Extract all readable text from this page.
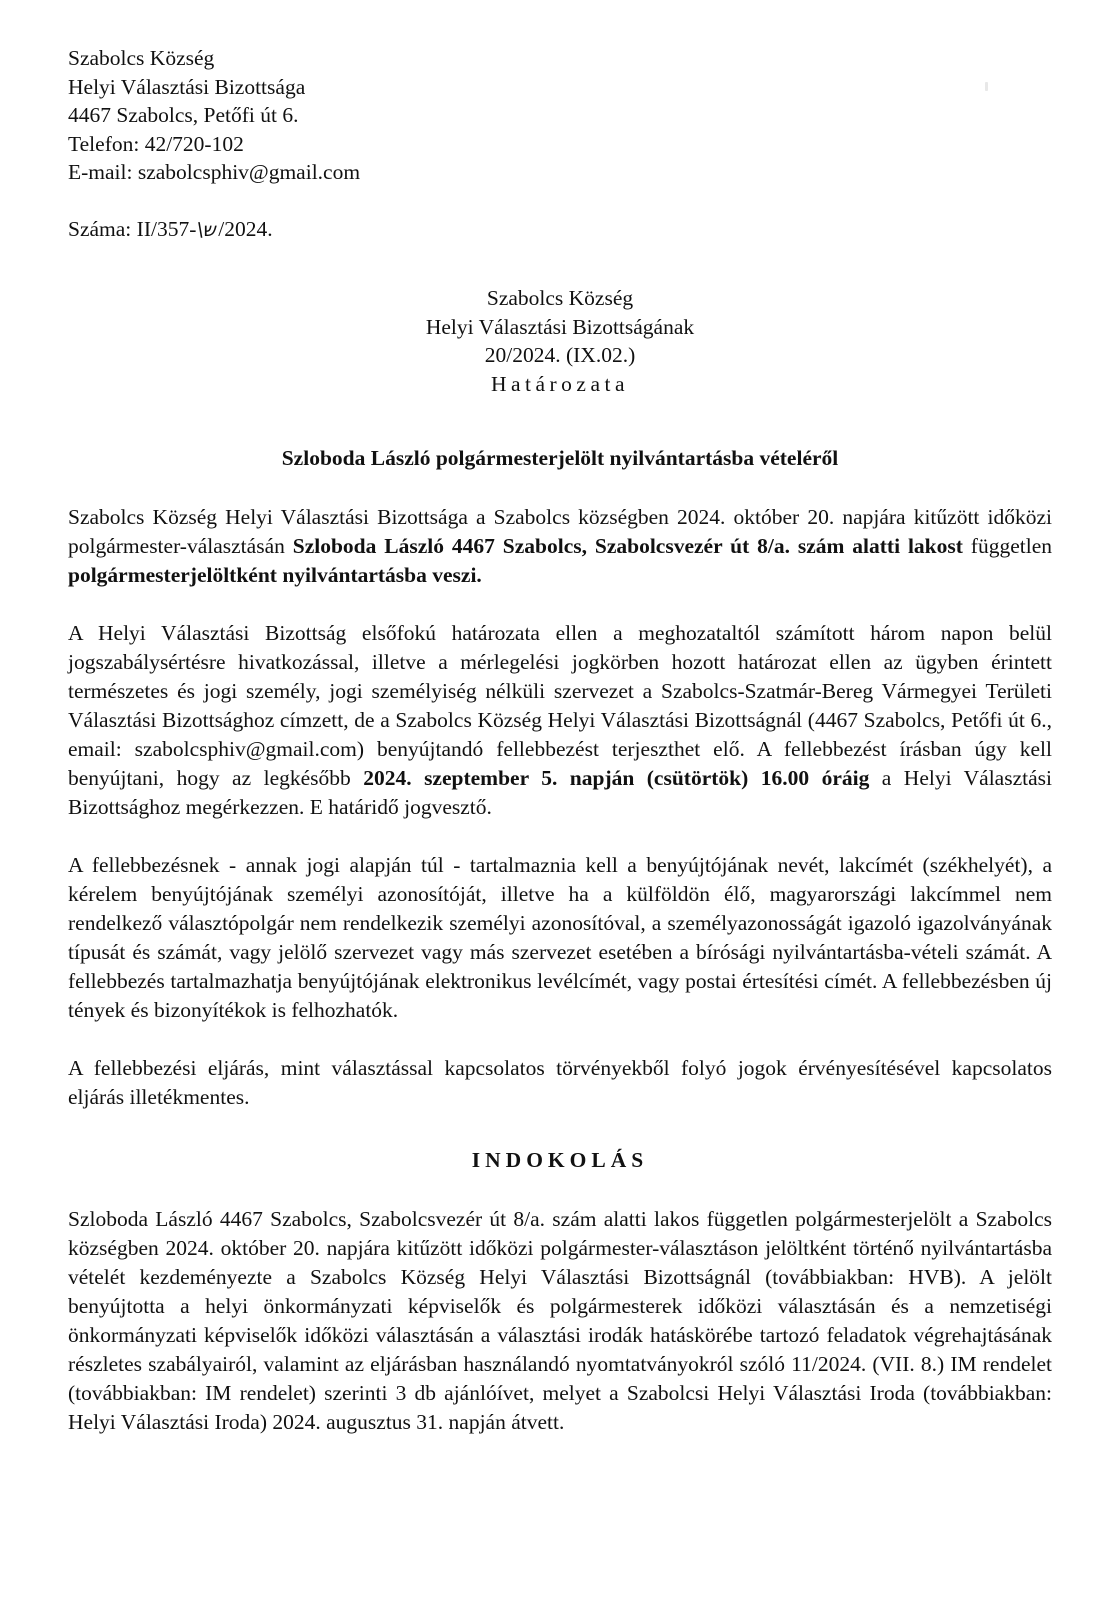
Szabolcs Község
Helyi Választási Bizottsága
4467 Szabolcs, Petőfi út 6.
Telefon: 42/720-102
E-mail: szabolcsphiv@gmail.com
Száma: II/357-\ש/2024.
Szabolcs Község
Helyi Választási Bizottságának
20/2024. (IX.02.)
Határozata
Szloboda László polgármesterjelölt nyilvántartásba vételéről

Szabolcs Község Helyi Választási Bizottsága a Szabolcs községben 2024. október 20. napjára kitűzött időközi polgármester-választásán Szloboda László 4467 Szabolcs, Szabolcsvezér út 8/a. szám alatti lakost független polgármesterjelöltként nyilvántartásba veszi.

A Helyi Választási Bizottság elsőfokú határozata ellen a meghozataltól számított három napon belül jogszabálysértésre hivatkozással, illetve a mérlegelési jogkörben hozott határozat ellen az ügyben érintett természetes és jogi személy, jogi személyiség nélküli szervezet a Szabolcs-Szatmár-Bereg Vármegyei Területi Választási Bizottsághoz címzett, de a Szabolcs Község Helyi Választási Bizottságnál (4467 Szabolcs, Petőfi út 6., email: szabolcsphiv@gmail.com) benyújtandó fellebbezést terjeszthet elő. A fellebbezést írásban úgy kell benyújtani, hogy az legkésőbb 2024. szeptember 5. napján (csütörtök) 16.00 óráig a Helyi Választási Bizottsághoz megérkezzen. E határidő jogvesztő.

A fellebbezésnek - annak jogi alapján túl - tartalmaznia kell a benyújtójának nevét, lakcímét (székhelyét), a kérelem benyújtójának személyi azonosítóját, illetve ha a külföldön élő, magyarországi lakcímmel nem rendelkező választópolgár nem rendelkezik személyi azonosítóval, a személyazonosságát igazoló igazolványának típusát és számát, vagy jelölő szervezet vagy más szervezet esetében a bírósági nyilvántartásba-vételi számát. A fellebbezés tartalmazhatja benyújtójának elektronikus levélcímét, vagy postai értesítési címét. A fellebbezésben új tények és bizonyítékok is felhozhatók.

A fellebbezési eljárás, mint választással kapcsolatos törvényekből folyó jogok érvényesítésével kapcsolatos eljárás illetékmentes.

INDOKOLÁS

Szloboda László 4467 Szabolcs, Szabolcsvezér út 8/a. szám alatti lakos független polgármesterjelölt a Szabolcs községben 2024. október 20. napjára kitűzött időközi polgármester-választáson jelöltként történő nyilvántartásba vételét kezdeményezte a Szabolcs Község Helyi Választási Bizottságnál (továbbiakban: HVB). A jelölt benyújtotta a helyi önkormányzati képviselők és polgármesterek időközi választásán és a nemzetiségi önkormányzati képviselők időközi választásán a választási irodák hatáskörébe tartozó feladatok végrehajtásának részletes szabályairól, valamint az eljárásban használandó nyomtatványokról szóló 11/2024. (VII. 8.) IM rendelet (továbbiakban: IM rendelet) szerinti 3 db ajánlóívet, melyet a Szabolcsi Helyi Választási Iroda (továbbiakban: Helyi Választási Iroda) 2024. augusztus 31. napján átvett.
